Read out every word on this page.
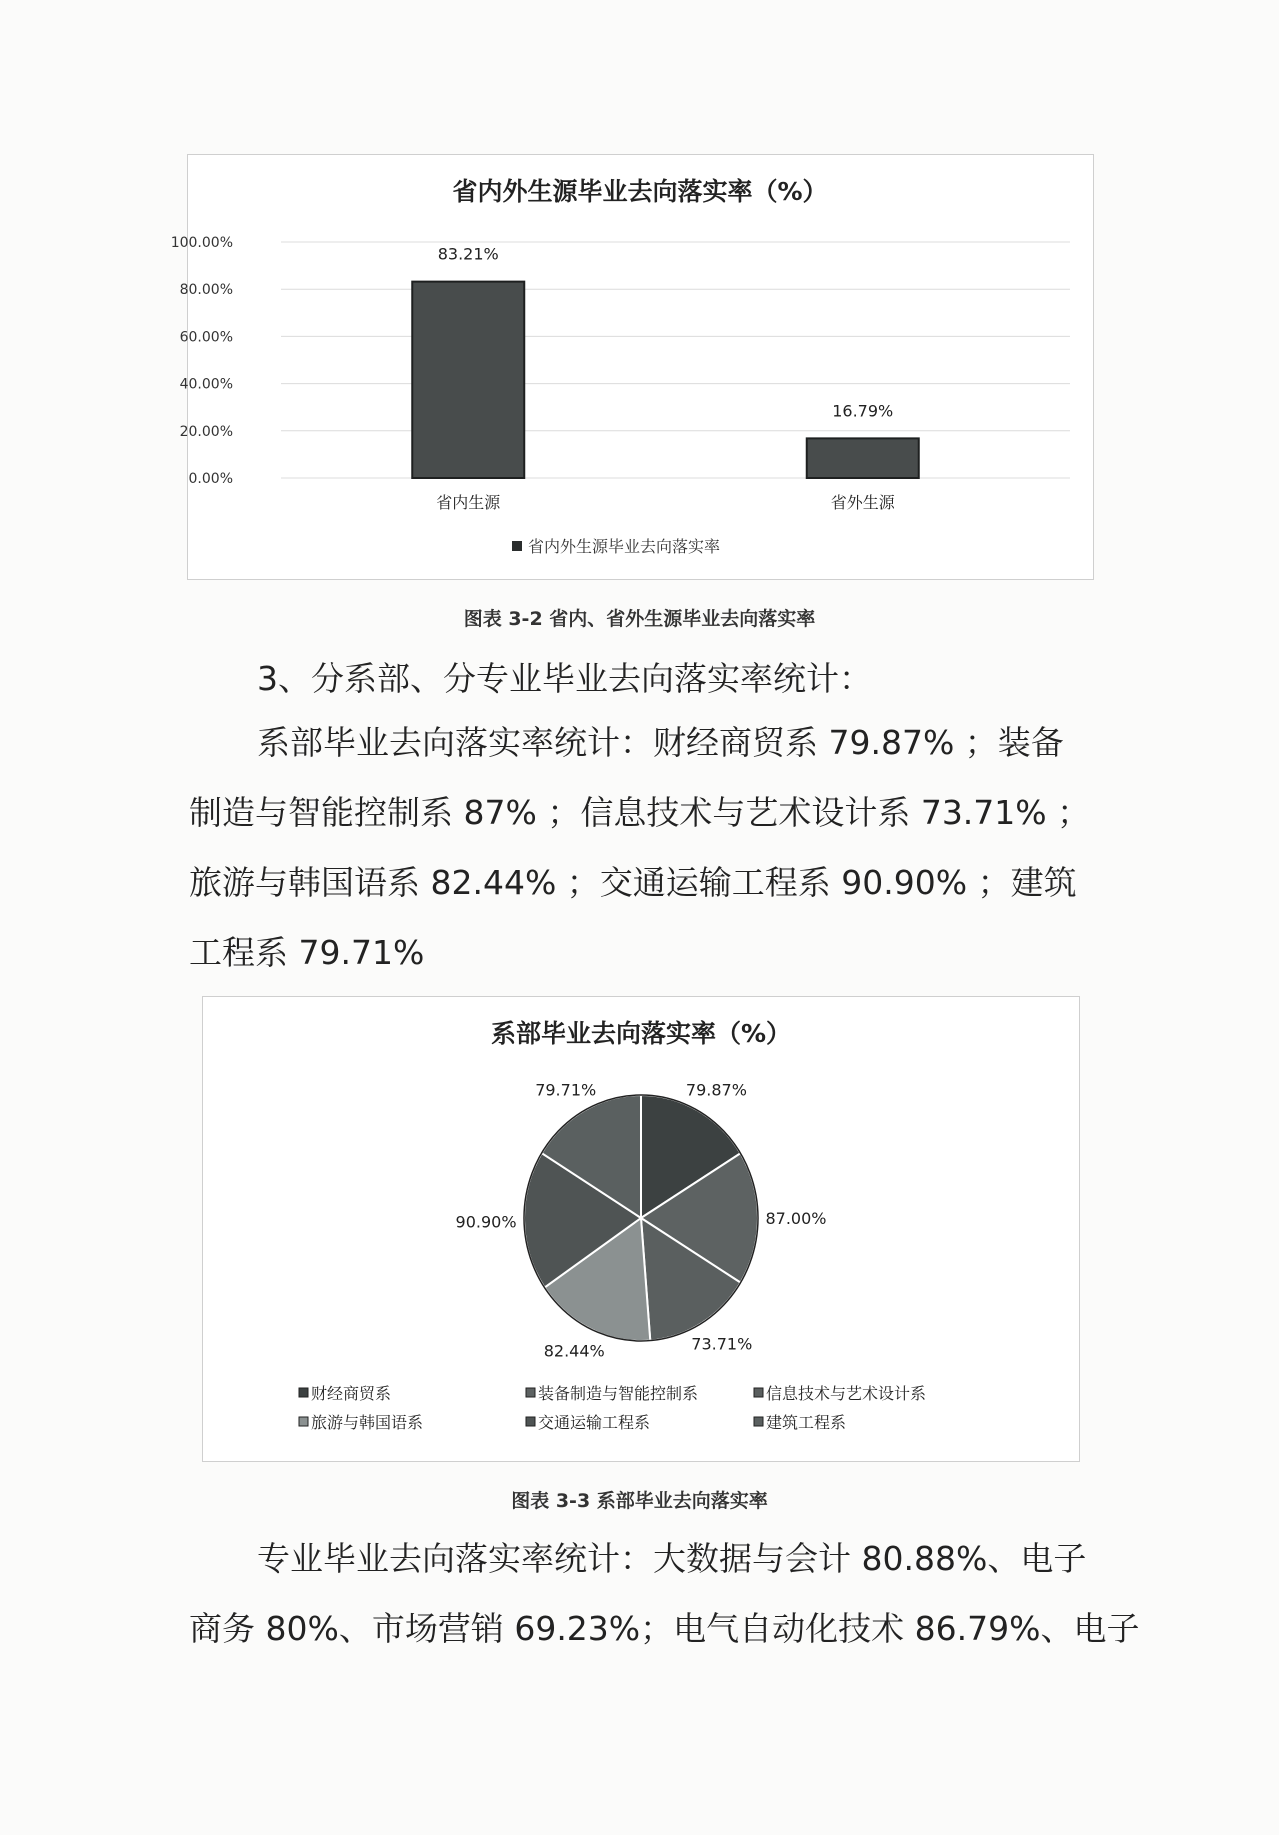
省内外生源毕业去向落实率（%）
0.00%
20.00%
40.00%
60.00%
80.00%
100.00%
83.21%
省内生源
16.79%
省外生源
省内外生源毕业去向落实率
图表 3-2 省内、省外生源毕业去向落实率
3、分系部、分专业毕业去向落实率统计：
系部毕业去向落实率统计：财经商贸系 79.87% ；装备
制造与智能控制系 87% ；信息技术与艺术设计系 73.71% ；
旅游与韩国语系 82.44% ；交通运输工程系 90.90% ；建筑
工程系 79.71%
系部毕业去向落实率（%）
79.87%
87.00%
73.71%
82.44%
90.90%
79.71%
财经商贸系	装备制造与智能控制系	信息技术与艺术设计系
旅游与韩国语系	交通运输工程系	建筑工程系
图表 3-3 系部毕业去向落实率
专业毕业去向落实率统计：大数据与会计 80.88%、电子
商务 80%、市场营销 69.23%；电气自动化技术 86.79%、电子
